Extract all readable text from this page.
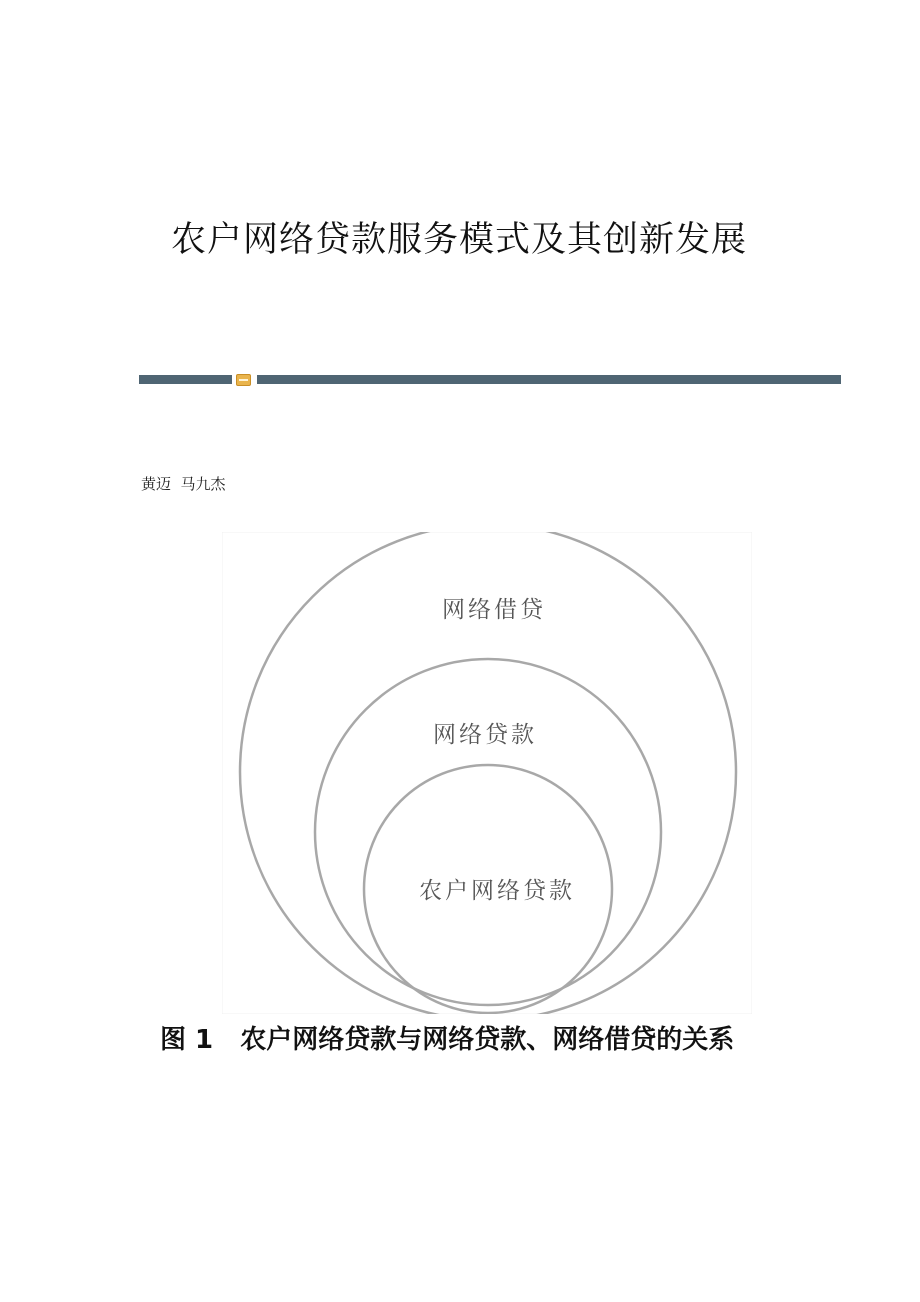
农户网络贷款服务模式及其创新发展
黄迈  马九杰
网络借贷
网络贷款
农户网络贷款
图 1   农户网络贷款与网络贷款、网络借贷的关系
